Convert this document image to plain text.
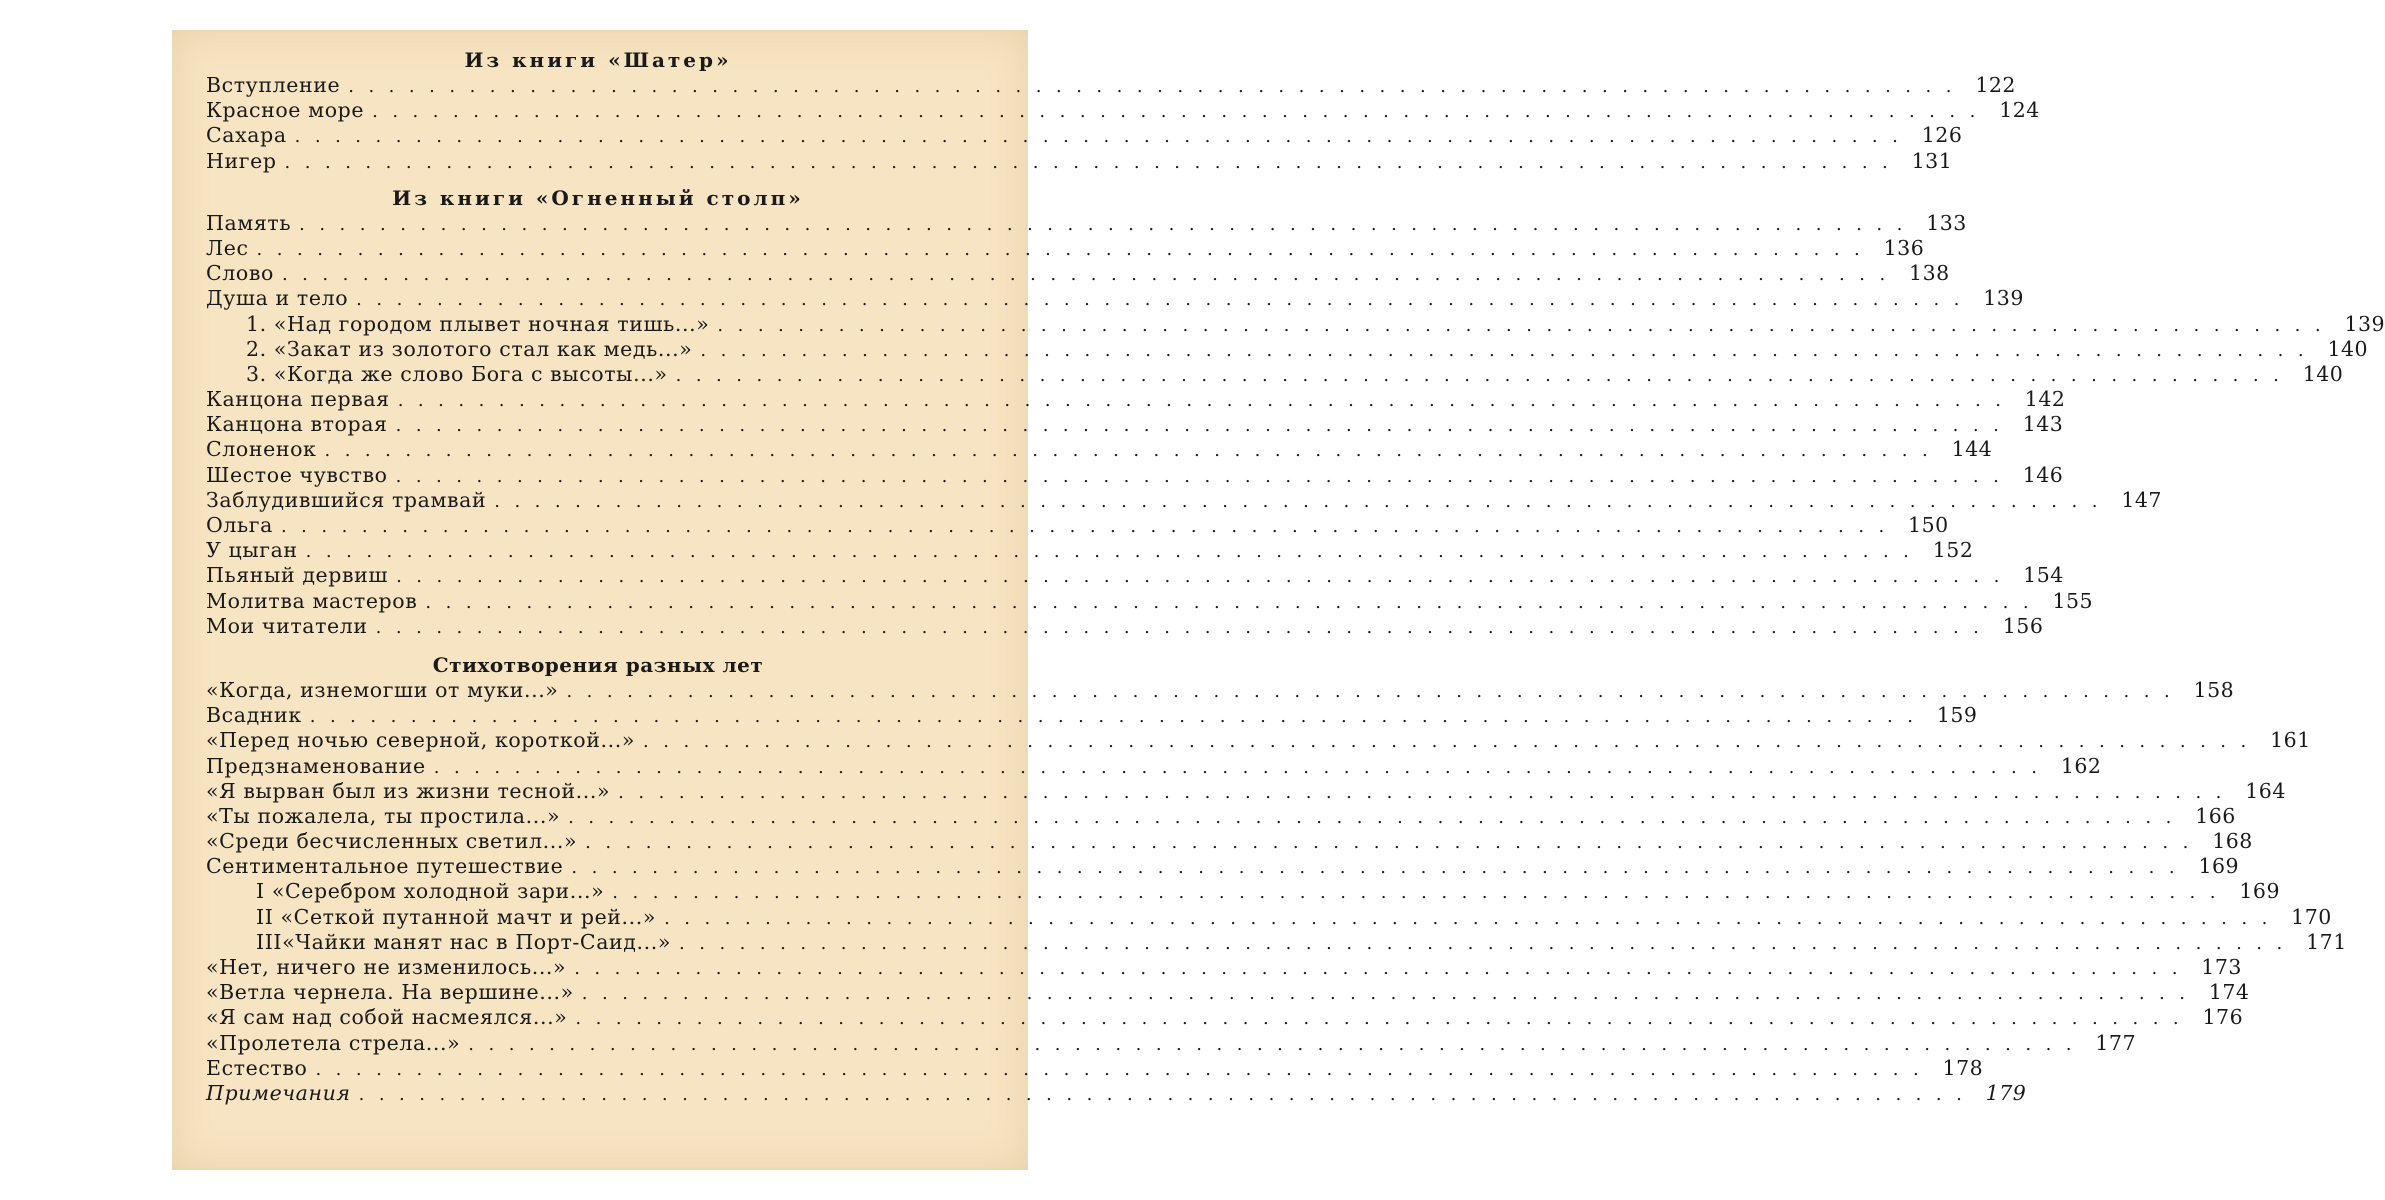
Из книги «Шатер»
Вступление ................................................................................ 122
Красное море ................................................................................ 124
Сахара ................................................................................ 126
Нигер ................................................................................ 131
Из книги «Огненный столп»
Память ................................................................................ 133
Лес ................................................................................ 136
Слово ................................................................................ 138
Душа и тело ................................................................................ 139
1. «Над городом плывет ночная тишь...» ................................................................................ 139
2. «Закат из золотого стал как медь...» ................................................................................ 140
3. «Когда же слово Бога с высоты...» ................................................................................ 140
Канцона первая ................................................................................ 142
Канцона вторая ................................................................................ 143
Слоненок ................................................................................ 144
Шестое чувство ................................................................................ 146
Заблудившийся трамвай ................................................................................ 147
Ольга ................................................................................ 150
У цыган ................................................................................ 152
Пьяный дервиш ................................................................................ 154
Молитва мастеров ................................................................................ 155
Мои читатели ................................................................................ 156
Стихотворения разных лет
«Когда, изнемогши от муки...» ................................................................................ 158
Всадник ................................................................................ 159
«Перед ночью северной, короткой...» ................................................................................ 161
Предзнаменование ................................................................................ 162
«Я вырван был из жизни тесной...» ................................................................................ 164
«Ты пожалела, ты простила...» ................................................................................ 166
«Среди бесчисленных светил...» ................................................................................ 168
Сентиментальное путешествие ................................................................................ 169
I «Серебром холодной зари...» ................................................................................ 169
II «Сеткой путанной мачт и рей...» ................................................................................ 170
III«Чайки манят нас в Порт-Саид...» ................................................................................ 171
«Нет, ничего не изменилось...» ................................................................................ 173
«Ветла чернела. На вершине...» ................................................................................ 174
«Я сам над собой насмеялся...» ................................................................................ 176
«Пролетела стрела...» ................................................................................ 177
Естество ................................................................................ 178
Примечания ................................................................................ 179
